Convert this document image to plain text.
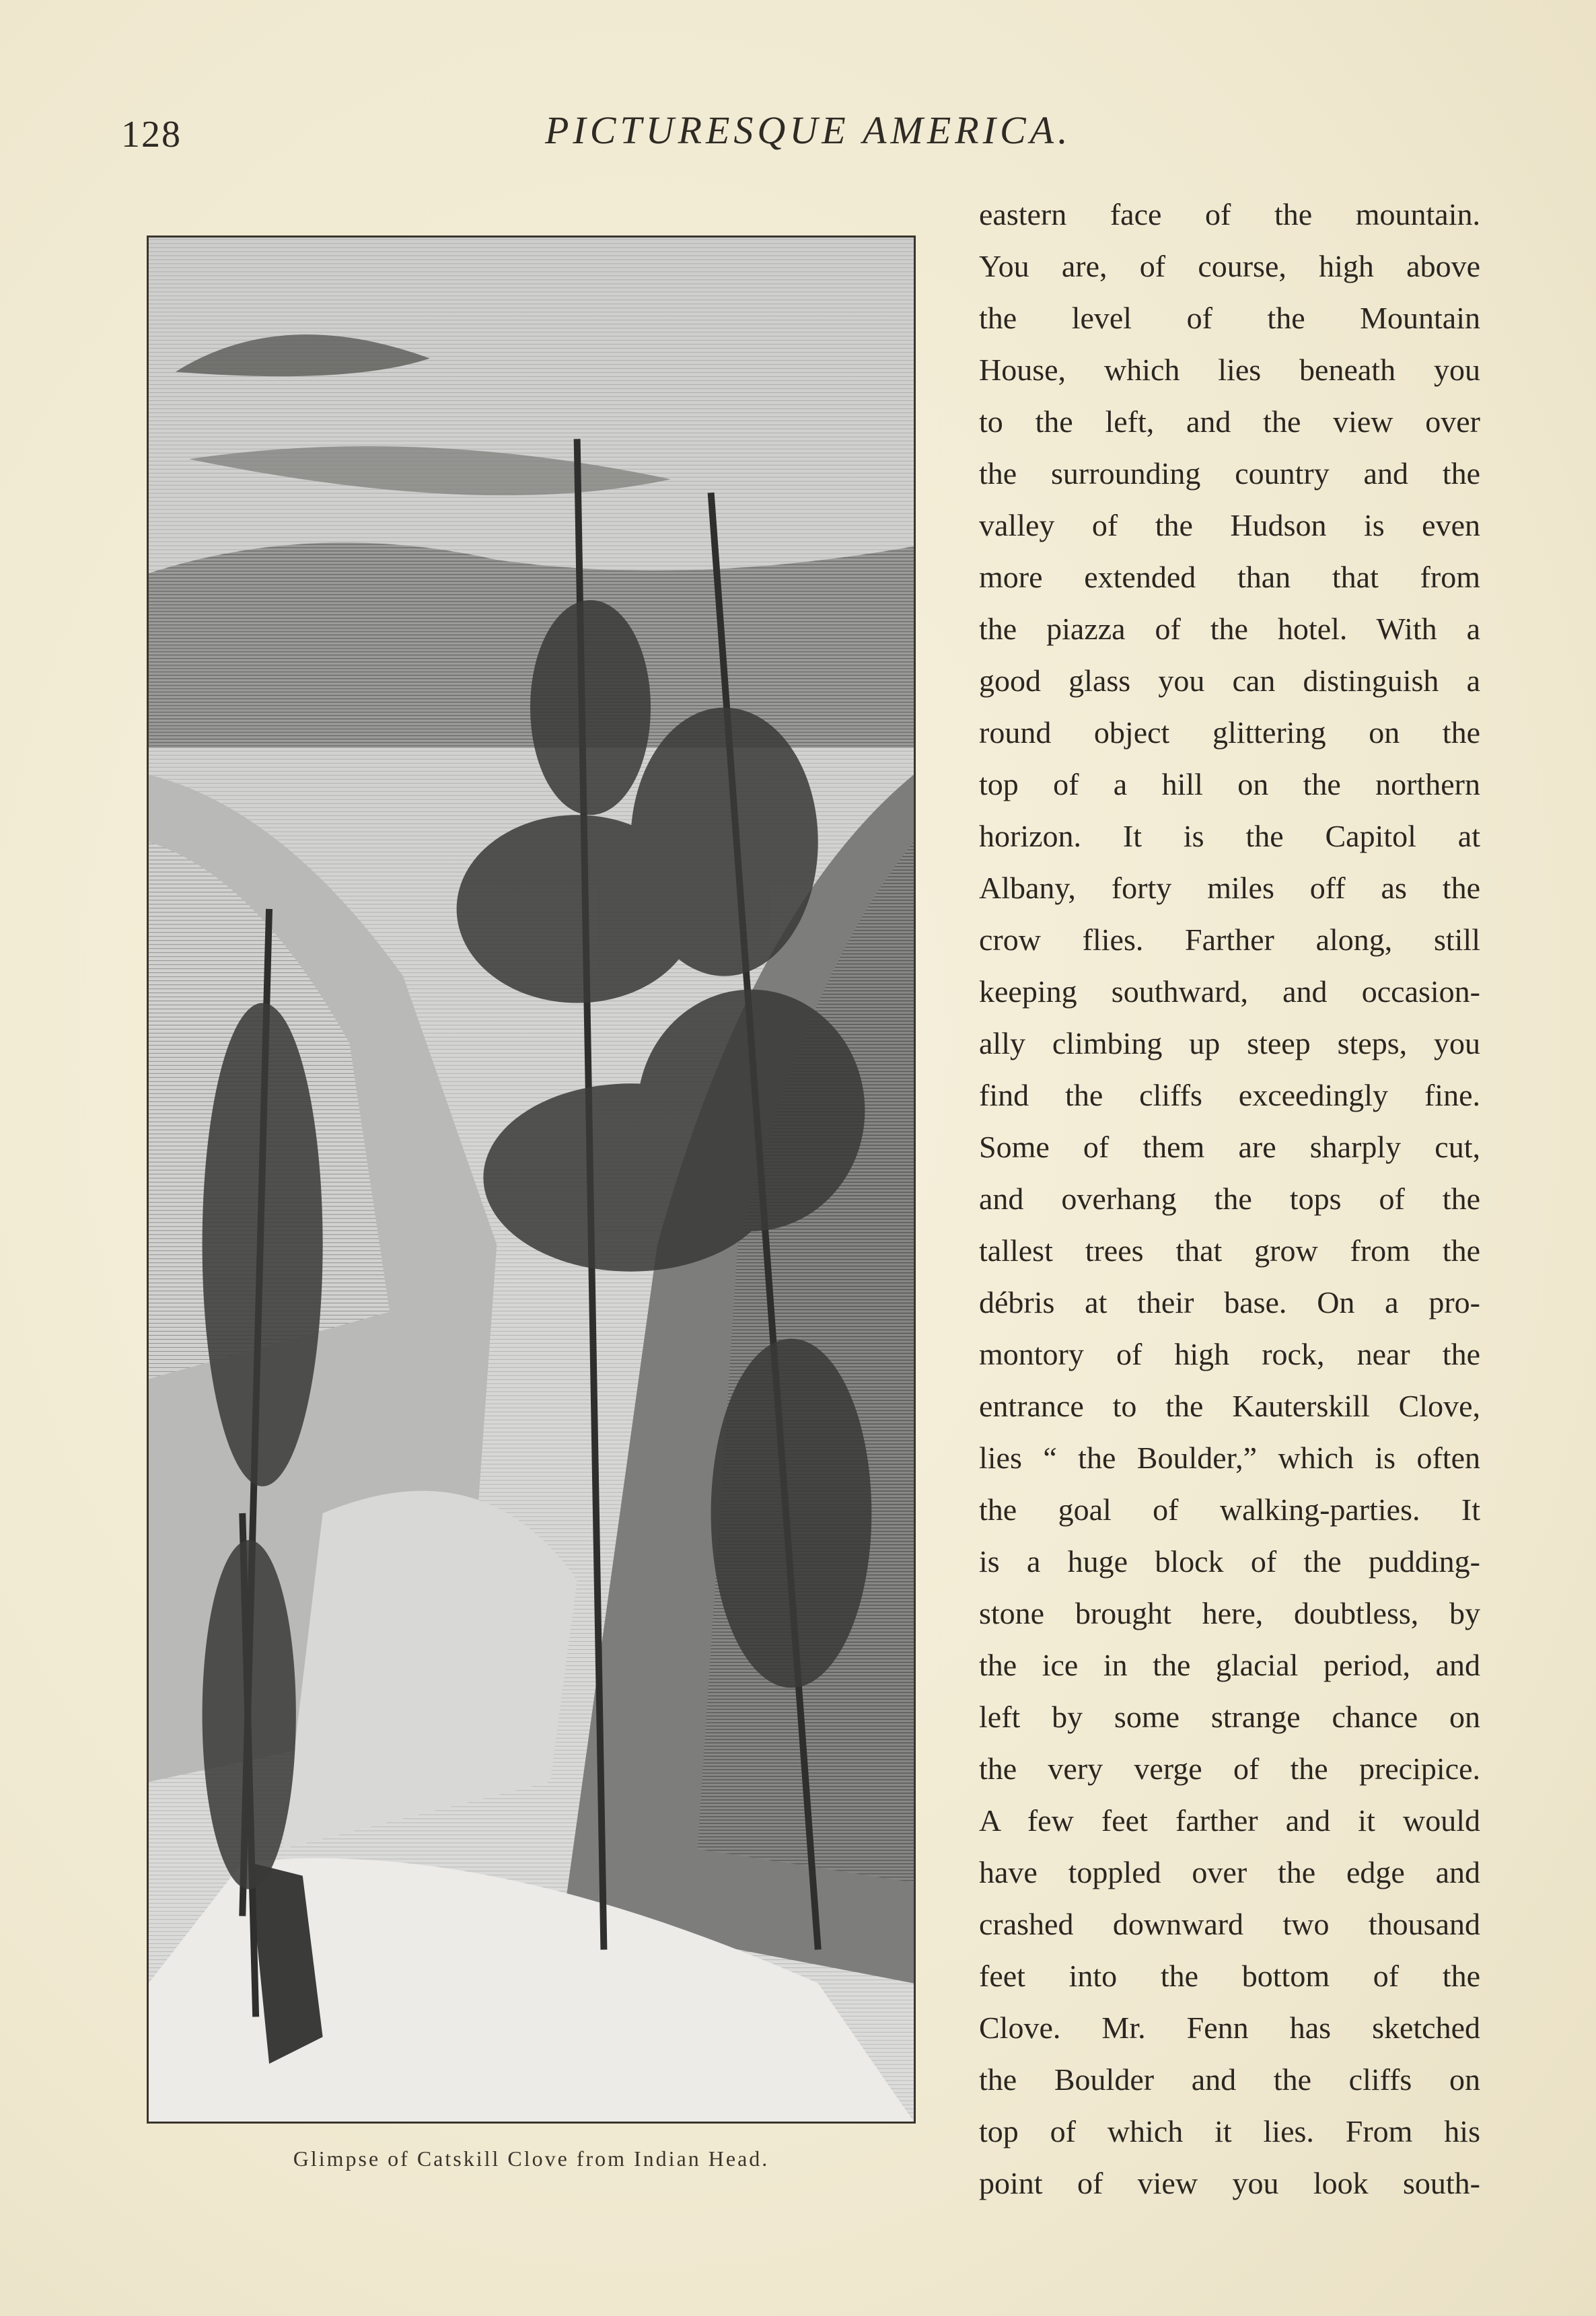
128	PICTURESQUE AMERICA.
Glimpse of Catskill Clove from Indian Head.
eastern face of the mountain.
You are, of course, high above
the level of the Mountain
House, which lies beneath you
to the left, and the view over
the surrounding country and the
valley of the Hudson is even
more extended than that from
the piazza of the hotel. With a
good glass you can distinguish a
round object glittering on the
top of a hill on the northern
horizon. It is the Capitol at
Albany, forty miles off as the
crow flies. Farther along, still
keeping southward, and occasion-
ally climbing up steep steps, you
find the cliffs exceedingly fine.
Some of them are sharply cut,
and overhang the tops of the
tallest trees that grow from the
débris at their base. On a pro-
montory of high rock, near the
entrance to the Kauterskill Clove,
lies “ the Boulder,” which is often
the goal of walking-parties. It
is a huge block of the pudding-
stone brought here, doubtless, by
the ice in the glacial period, and
left by some strange chance on
the very verge of the precipice.
A few feet farther and it would
have toppled over the edge and
crashed downward two thousand
feet into the bottom of the
Clove. Mr. Fenn has sketched
the Boulder and the cliffs on
top of which it lies. From his
point of view you look south-
